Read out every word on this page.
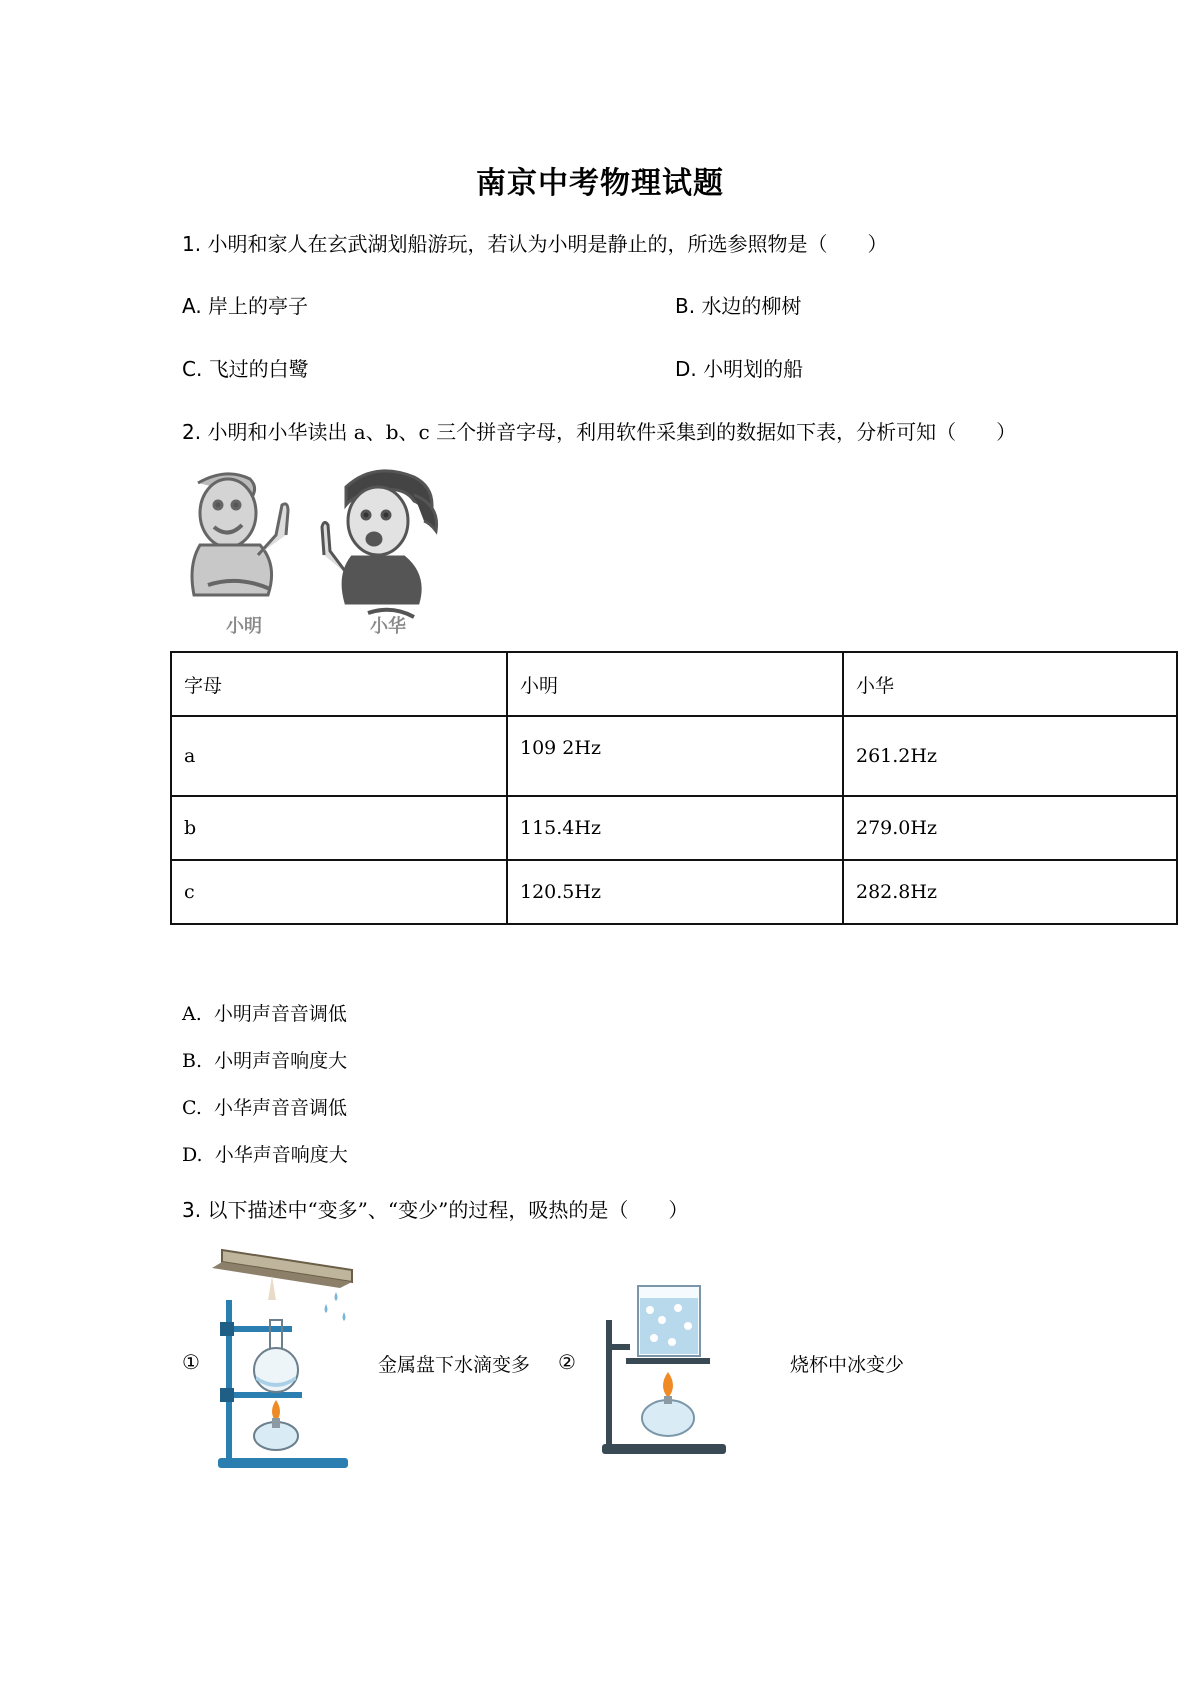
南京中考物理试题
1. 小明和家人在玄武湖划船游玩，若认为小明是静止的，所选参照物是（　　）
A. 岸上的亭子	B. 水边的柳树
C. 飞过的白鹭	D. 小明划的船
2. 小明和小华读出 a、b、c 三个拼音字母，利用软件采集到的数据如下表，分析可知（　　）
小明	小华
字母	小明	小华
a	109 2Hz	261.2Hz
b	115.4Hz	279.0Hz
c	120.5Hz	282.8Hz
A. 小明声音音调低
B. 小明声音响度大
C. 小华声音音调低
D. 小华声音响度大
3. 以下描述中“变多”、“变少”的过程，吸热的是（　　）
①	金属盘下水滴变多 ②	烧杯中冰变少
